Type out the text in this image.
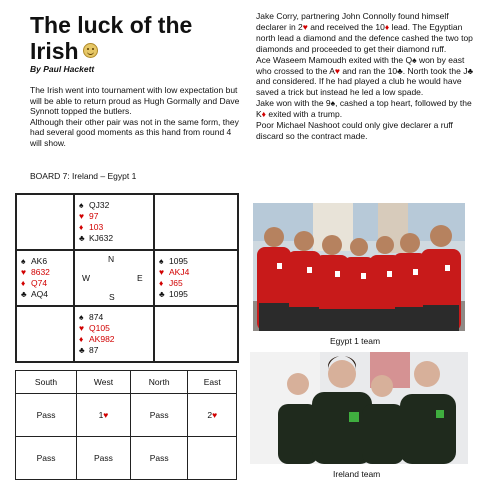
The luck of the
Irish
By Paul Hackett

The Irish went into tournament with low expectation but will be able to return proud as Hugh Gormally and Dave Synnott topped the butlers.

Although their other pair was not in the same form, they had several good moments as this hand from round 4 will show.

BOARD 7: Ireland – Egypt 1
♠ QJ32
♥ 97
♦ 103
♣ KJ632
♠ AK6
♥ 8632
♦ Q74
♣ AQ4
N
W	E
S
♠ 1095
♥ AKJ4
♦ J65
♣ 1095
♠ 874
♥ Q105
♦ AK982
♣ 87
South	West	North	East
Pass	1♥	Pass	2♥
Pass	Pass	Pass	

Jake Corry, partnering John Connolly found himself declarer in 2♥ and received the 10♦ lead. The Egyptian north lead a diamond and the defence cashed the two top diamonds and proceeded to get their diamond ruff.

Ace Waseem Mamoudh exited with the Q♠ won by east who crossed to the A♥ and ran the 10♣. North took the J♣ and considered. If he had played a club he would have saved a trick but instead he led a low spade.

Jake won with the 9♠, cashed a top heart, followed by the K♦ exited with a trump.

Poor Michael Nashoot could only give declarer a ruff discard so the contract made.

Egypt 1 team
Ireland team
